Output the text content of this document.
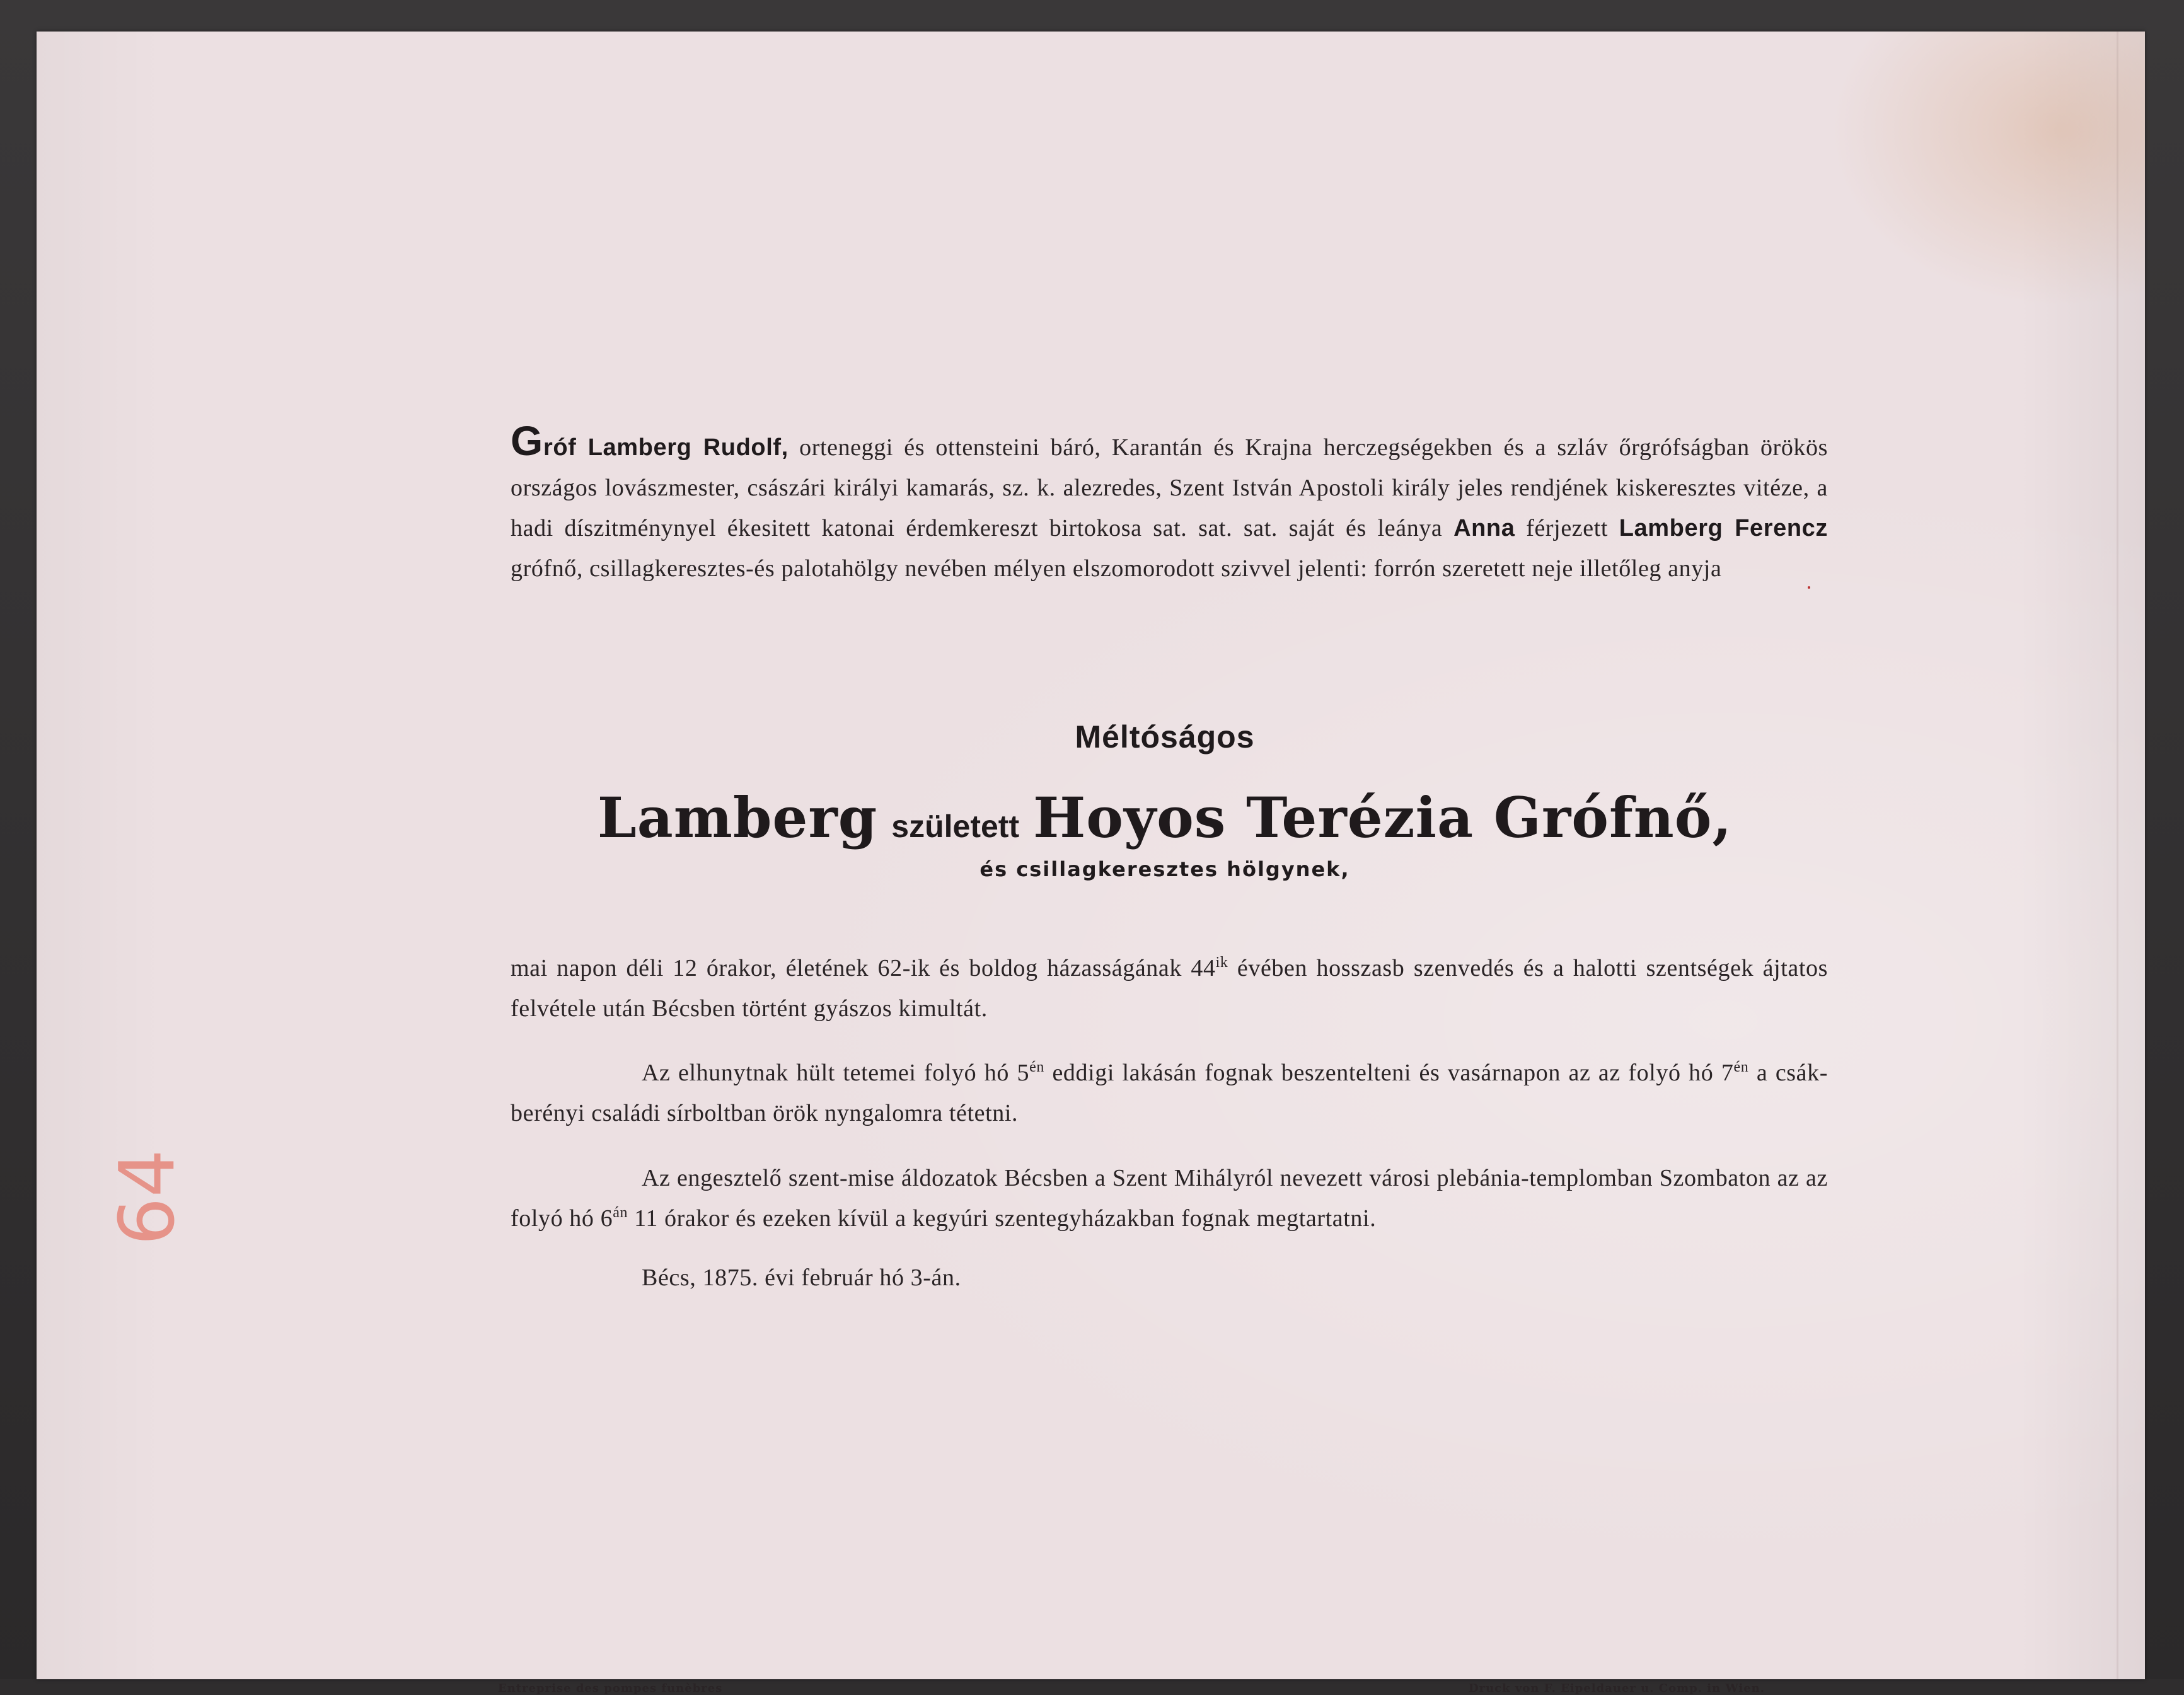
Gróf Lamberg Rudolf, orteneggi és ottensteini báró, Karantán és Krajna herczegségekben és a szláv őrgrófságban örökös országos lovászmester, császári királyi kamarás, sz. k. alezredes, Szent István Apostoli király jeles rendjének kiskeresztes vitéze, a hadi díszitménynyel ékesitett katonai érdemkereszt birtokosa sat. sat. sat. saját és leánya Anna férjezett Lamberg Ferencz grófnő, csillagkeresztes-és palotahölgy nevében mélyen elszomorodott szivvel jelenti: forrón szeretett neje illetőleg anyja
Méltóságos
Lamberg született Hoyos Terézia Grófnő,
és csillagkeresztes hölgynek,
mai napon déli 12 órakor, életének 62-ik és boldog házasságának $44^{ik}$ évében hosszasb szenvedés és a halotti szentségek ájtatos felvétele után Bécsben történt gyászos kimultát.
Az elhunytnak hült tetemei folyó hó $5^{én}$ eddigi lakásán fognak beszentelteni és vasárnapon az az folyó hó $7^{én}$ a csák-berényi családi sírboltban örök nyngalomra tétetni.
Az engesztelő szent-mise áldozatok Bécsben a Szent Mihályról nevezett városi plebánia-templomban Szombaton az az folyó hó $6^{án}$ 11 órakor és ezeken kívül a kegyúri szentegyházakban fognak megtartatni.
Bécs, 1875. évi február hó 3-án.
Entreprise des pompes funèbres	Druck von F. Eipeldauer u. Comp. in Wien.
64
